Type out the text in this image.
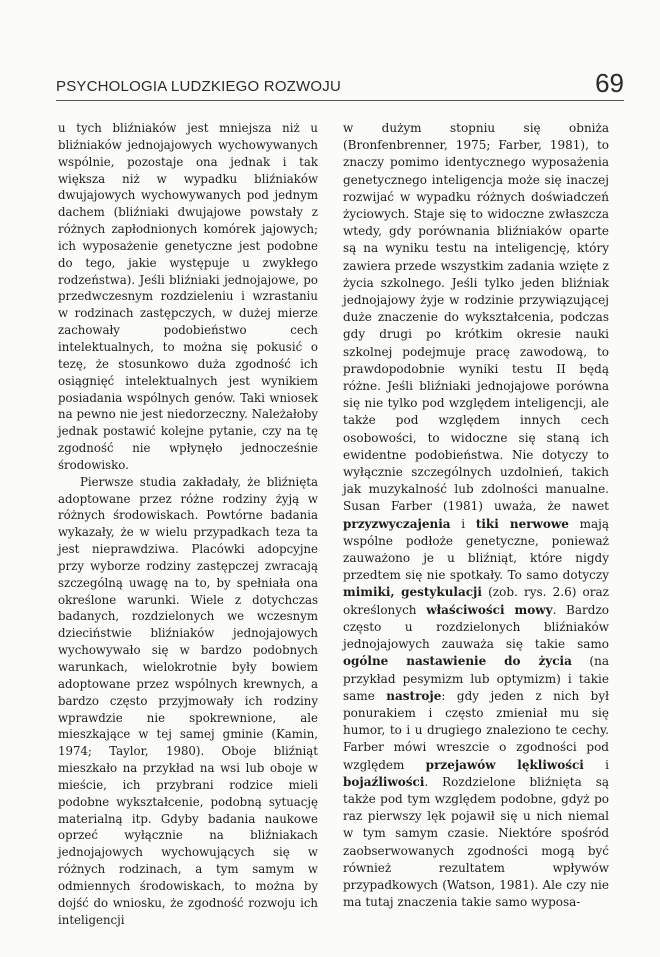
PSYCHOLOGIA LUDZKIEGO ROZWOJU	69

u tych bliźniaków jest mniejsza niż u bliźniaków jednojajowych wychowywanych wspólnie, pozostaje ona jednak i tak większa niż w wypadku bliźniaków dwujajowych wychowywanych pod jednym dachem (bliźniaki dwujajowe powstały z różnych zapłodnionych komórek jajowych; ich wyposażenie genetyczne jest podobne do tego, jakie występuje u zwykłego rodzeństwa). Jeśli bliźniaki jednojajowe, po przedwczesnym rozdzieleniu i wzrastaniu w rodzinach zastępczych, w dużej mierze zachowały podobieństwo cech intelektualnych, to można się pokusić o tezę, że stosunkowo duża zgodność ich osiągnięć intelektualnych jest wynikiem posiadania wspólnych genów. Taki wniosek na pewno nie jest niedorzeczny. Należałoby jednak postawić kolejne pytanie, czy na tę zgodność nie wpłynęło jednocześnie środowisko.

Pierwsze studia zakładały, że bliźnięta adoptowane przez różne rodziny żyją w różnych środowiskach. Powtórne badania wykazały, że w wielu przypadkach teza ta jest nieprawdziwa. Placówki adopcyjne przy wyborze rodziny zastępczej zwracają szczególną uwagę na to, by spełniała ona określone warunki. Wiele z dotychczas badanych, rozdzielonych we wczesnym dzieciństwie bliźniaków jednojajowych wychowywało się w bardzo podobnych warunkach, wielokrotnie były bowiem adoptowane przez wspólnych krewnych, a bardzo często przyjmowały ich rodziny wprawdzie nie spokrewnione, ale mieszkające w tej samej gminie (Kamin, 1974; Taylor, 1980). Oboje bliźniąt mieszkało na przykład na wsi lub oboje w mieście, ich przybrani rodzice mieli podobne wykształcenie, podobną sytuację materialną itp. Gdyby badania naukowe oprzeć wyłącznie na bliźniakach jednojajowych wychowujących się w różnych rodzinach, a tym samym w odmiennych środowiskach, to można by dojść do wniosku, że zgodność rozwoju ich inteligencji

w dużym stopniu się obniża (Bronfenbrenner, 1975; Farber, 1981), to znaczy pomimo identycznego wyposażenia genetycznego inteligencja może się inaczej rozwijać w wypadku różnych doświadczeń życiowych. Staje się to widoczne zwłaszcza wtedy, gdy porównania bliźniaków oparte są na wyniku testu na inteligencję, który zawiera przede wszystkim zadania wzięte z życia szkolnego. Jeśli tylko jeden bliźniak jednojajowy żyje w rodzinie przywiązującej duże znaczenie do wykształcenia, podczas gdy drugi po krótkim okresie nauki szkolnej podejmuje pracę zawodową, to prawdopodobnie wyniki testu II będą różne. Jeśli bliźniaki jednojajowe porówna się nie tylko pod względem inteligencji, ale także pod względem innych cech osobowości, to widoczne się staną ich ewidentne podobieństwa. Nie dotyczy to wyłącznie szczególnych uzdolnień, takich jak muzykalność lub zdolności manualne. Susan Farber (1981) uważa, że nawet przyzwyczajenia i tiki nerwowe mają wspólne podłoże genetyczne, ponieważ zauważono je u bliźniąt, które nigdy przedtem się nie spotkały. To samo dotyczy mimiki, gestykulacji (zob. rys. 2.6) oraz określonych właściwości mowy. Bardzo często u rozdzielonych bliźniaków jednojajowych zauważa się takie samo ogólne nastawienie do życia (na przykład pesymizm lub optymizm) i takie same nastroje: gdy jeden z nich był ponurakiem i często zmieniał mu się humor, to i u drugiego znaleziono te cechy. Farber mówi wreszcie o zgodności pod względem przejawów lękliwości i bojaźliwości. Rozdzielone bliźnięta są także pod tym względem podobne, gdyż po raz pierwszy lęk pojawił się u nich niemal w tym samym czasie. Niektóre spośród zaobserwowanych zgodności mogą być również rezultatem wpływów przypadkowych (Watson, 1981). Ale czy nie ma tutaj znaczenia takie samo wyposa-
